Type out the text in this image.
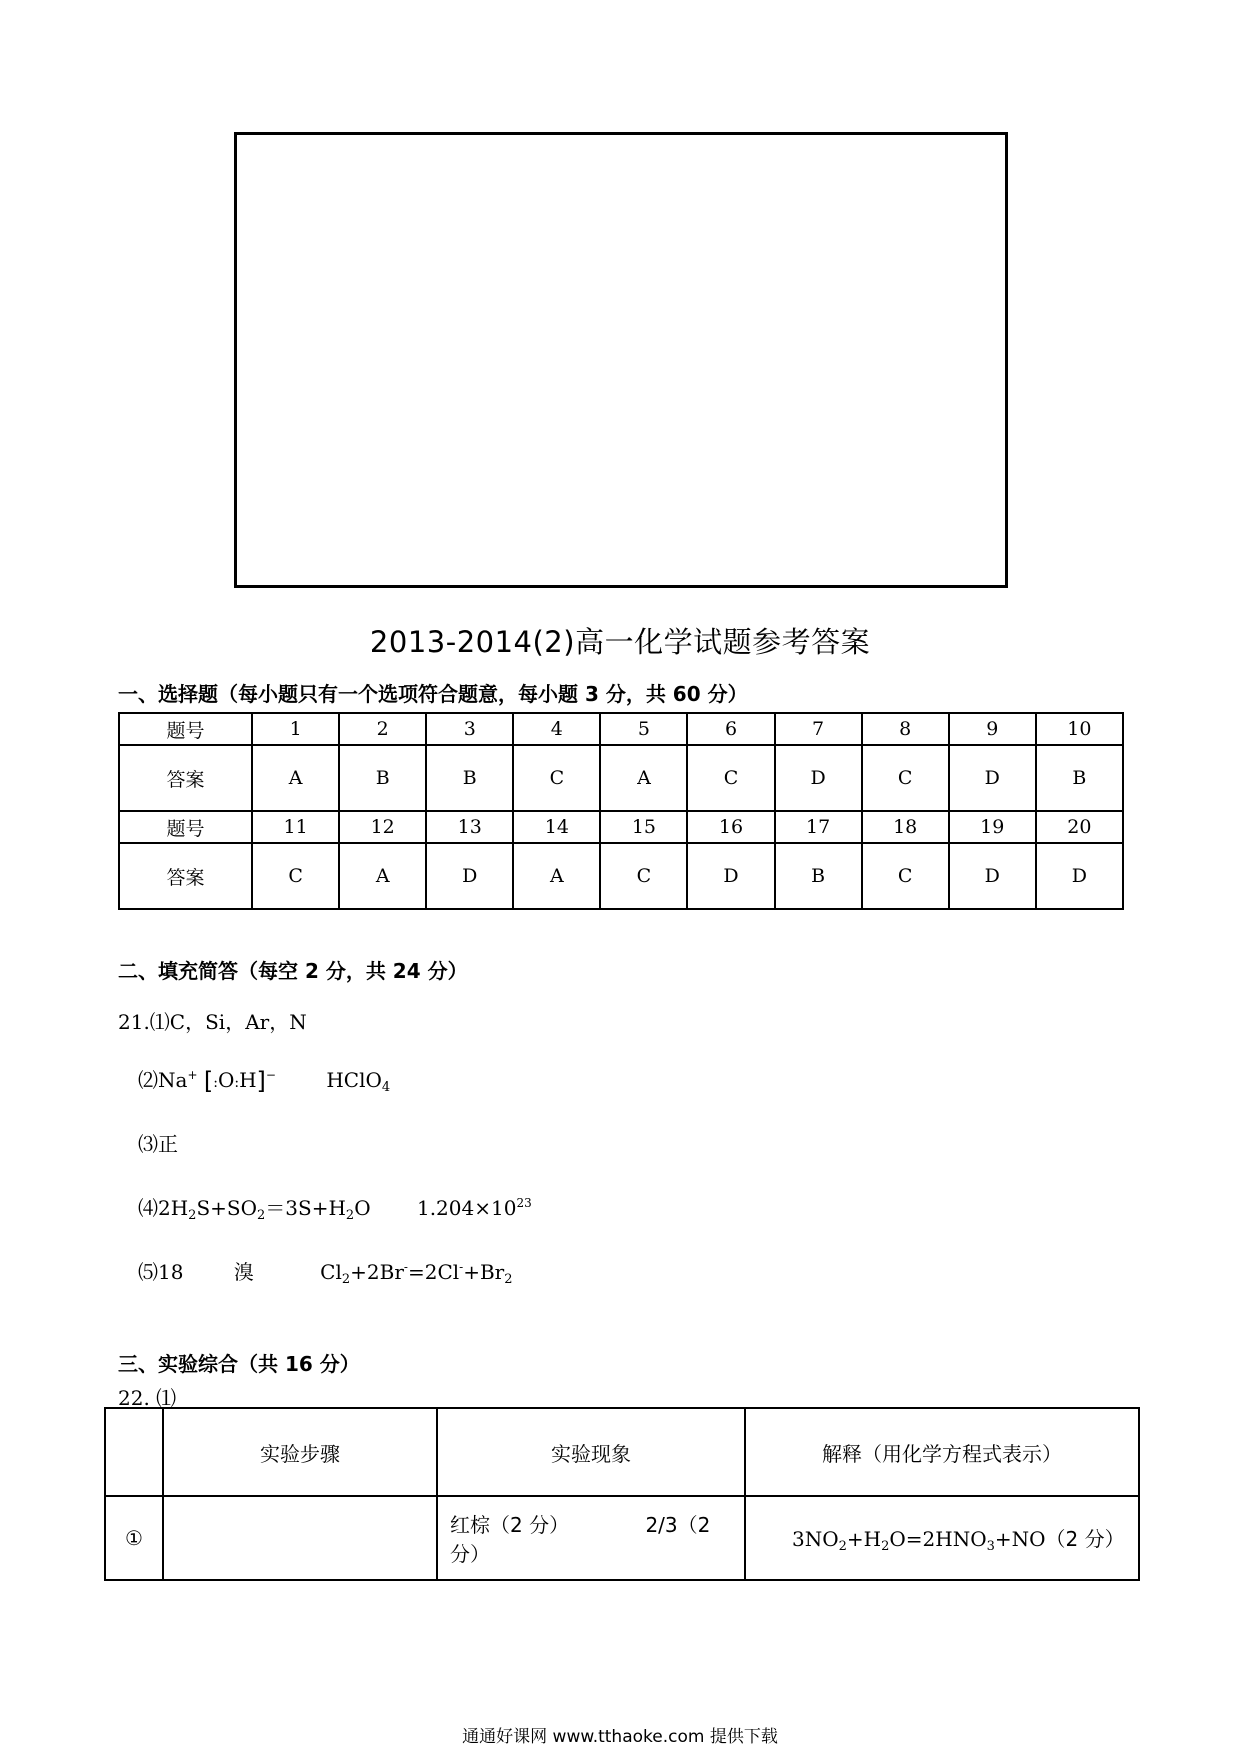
2013-2014(2)高一化学试题参考答案
一、选择题（每小题只有一个选项符合题意，每小题 3 分，共 60 分）
题号	1	2	3	4	5	6	7	8	9	10
答案	A	B	B	C	A	C	D	C	D	B
题号	11	12	13	14	15	16	17	18	19	20
答案	C	A	D	A	C	D	B	C	D	D
二、填充简答（每空 2 分，共 24 分）
21.⑴C，Si，Ar，N
⑵Na+ [:O:H]−	HClO$_4$
⑶正
$⑷2H_2S+SO_2=3S+H_2O$ $1.204\times 10^{23}$
⑸18	溴	$Cl_2+2Br^-=2Cl^-+Br_2$
三、实验综合（共 16 分）
22. ⑴
	实验步骤	实验现象	解释（用化学方程式表示）
①		红棕（2 分） 2/3（2 分）	$3NO_2+H_2O=2HNO_3+NO(2$ 分）
通通好课网 www.tthaoke.com 提供下载
